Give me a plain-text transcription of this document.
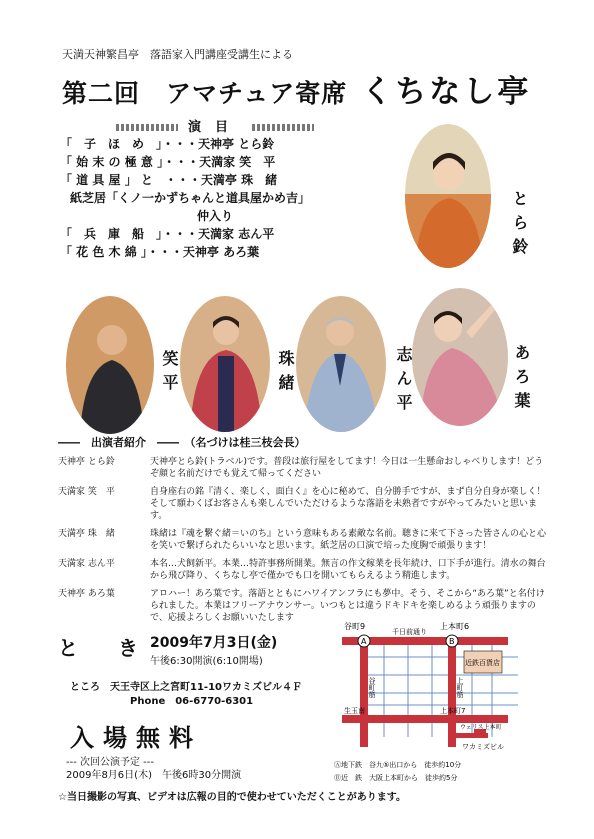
天満天神繁昌亭　落語家入門講座受講生による
第二回　アマチュア寄席 くちなし亭
演目
「　子　ほ　め　」・・・天神亭 とら鈴
「 始 末 の 極 意 」・・・天満家 笑　平
「 道 具 屋 」 と　・・・天満亭 珠　緒
紙芝居「くノ一かずちゃんと道具屋かめ吉」
仲入り
「　兵　庫　船　」・・・天満家 志ん平
「 花 色 木 綿 」・・・天神亭 あろ葉	とら鈴
笑平	珠緒	志ん平	あろ葉
――　出演者紹介　――　（名づけは桂三枝会長）
天神亭 とら鈴	天神亭とら鈴(トラベル)です。普段は旅行屋をしてます！今日は一生懸命おしゃべりします！どうぞ顔と名前だけでも覚えて帰ってください
天満家 笑　平	自身座右の銘『清く、楽しく、面白く』を心に秘めて、自分勝手ですが、まず自分自身が楽しく！そして願わくばお客さんも楽しんでいただけるような落語を未熟者ですがやってみたいと思います。
天満亭 珠　緒	珠緒は『魂を繋ぐ緒＝いのち』という意味もある素敵な名前。聴きに来て下さった皆さんの心と心を笑いで繋げられたらいいなと思います。紙芝居の口演で培った度胸で頑張ります！
天満家 志ん平	本名…犬飼新平。本業…特許事務所開業。無言の作文稼業を長年続け、口下手が進行。清水の舞台から飛び降り、くちなし亭で僅かでも口を開いてもらえるよう精進します。
天神亭 あろ葉	アロハー！あろ葉です。落語とともにハワイアンフラにも夢中。そう、そこから“あろ葉”と名付けられました。本業はフリーアナウンサー。いつもとは違うドキドキを楽しめるよう頑張りますので、応援よろしくお願いいたします
と　き 2009年7月3日(金)
午後6:30開演(6:10開場)
ところ　天王寺区上之宮町11-10ワカミズビル４Ｆ
Phone　06-6770-6301
入場無料
--- 次回公演予定 ---
2009年8月6日(木)　午後6時30分開演
☆当日撮影の写真、ビデオは広報の目的で使わせていただくことがあります。
A	B
谷町9	上本町6
千日前通り
谷町筋	上町筋
近鉄百貨店
生玉南	上本町7
ウェリス上本町
ワカミズビル
Ⓐ地下鉄　谷九⑤出口から　徒歩約10分
Ⓑ近　鉄　大阪上本町から　徒歩約5分
